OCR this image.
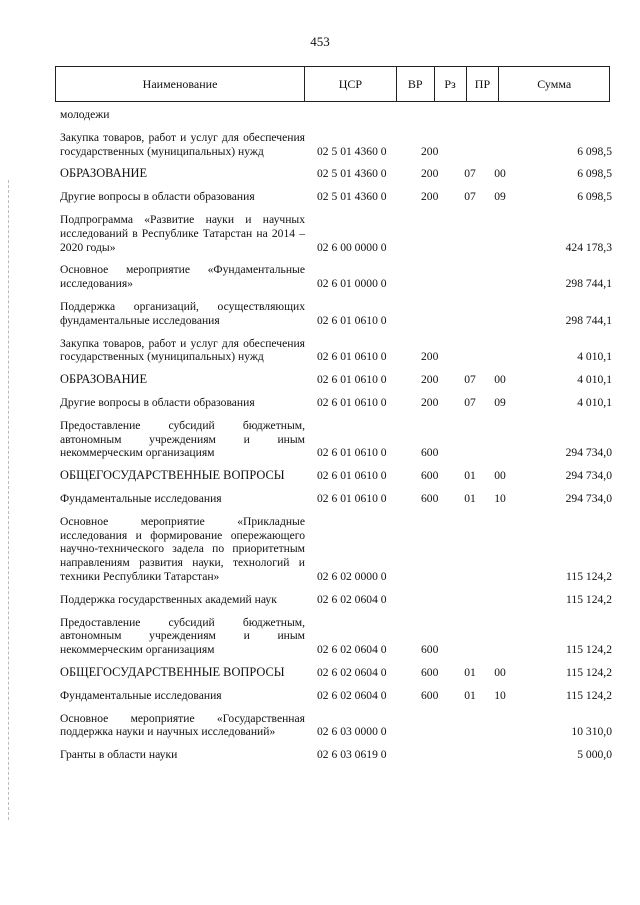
453
Наименование	ЦСР	ВР	Рз	ПР	Сумма
молодежи
Закупка товаров, работ и услуг для обеспечения государственных (муниципальных) нужд	02 5 01 4360 0	200	6 098,5
ОБРАЗОВАНИЕ	02 5 01 4360 0	200	07	00	6 098,5
Другие вопросы в области образования	02 5 01 4360 0	200	07	09	6 098,5
Подпрограмма «Развитие науки и научных исследований в Республике Татарстан на 2014 – 2020 годы»	02 6 00 0000 0	424 178,3
Основное мероприятие «Фундаментальные исследования»	02 6 01 0000 0	298 744,1
Поддержка организаций, осуществляющих фундаментальные исследования	02 6 01 0610 0	298 744,1
Закупка товаров, работ и услуг для обеспечения государственных (муниципальных) нужд	02 6 01 0610 0	200	4 010,1
ОБРАЗОВАНИЕ	02 6 01 0610 0	200	07	00	4 010,1
Другие вопросы в области образования	02 6 01 0610 0	200	07	09	4 010,1
Предоставление субсидий бюджетным, автономным учреждениям и иным некоммерческим организациям	02 6 01 0610 0	600	294 734,0
ОБЩЕГОСУДАРСТВЕННЫЕ ВОПРОСЫ	02 6 01 0610 0	600	01	00	294 734,0
Фундаментальные исследования	02 6 01 0610 0	600	01	10	294 734,0
Основное мероприятие «Прикладные исследования и формирование опережающего научно-технического задела по приоритетным направлениям развития науки, технологий и техники Республики Татарстан»	02 6 02 0000 0	115 124,2
Поддержка государственных академий наук	02 6 02 0604 0	115 124,2
Предоставление субсидий бюджетным, автономным учреждениям и иным некоммерческим организациям	02 6 02 0604 0	600	115 124,2
ОБЩЕГОСУДАРСТВЕННЫЕ ВОПРОСЫ	02 6 02 0604 0	600	01	00	115 124,2
Фундаментальные исследования	02 6 02 0604 0	600	01	10	115 124,2
Основное мероприятие «Государственная поддержка науки и научных исследований»	02 6 03 0000 0	10 310,0
Гранты в области науки	02 6 03 0619 0	5 000,0
